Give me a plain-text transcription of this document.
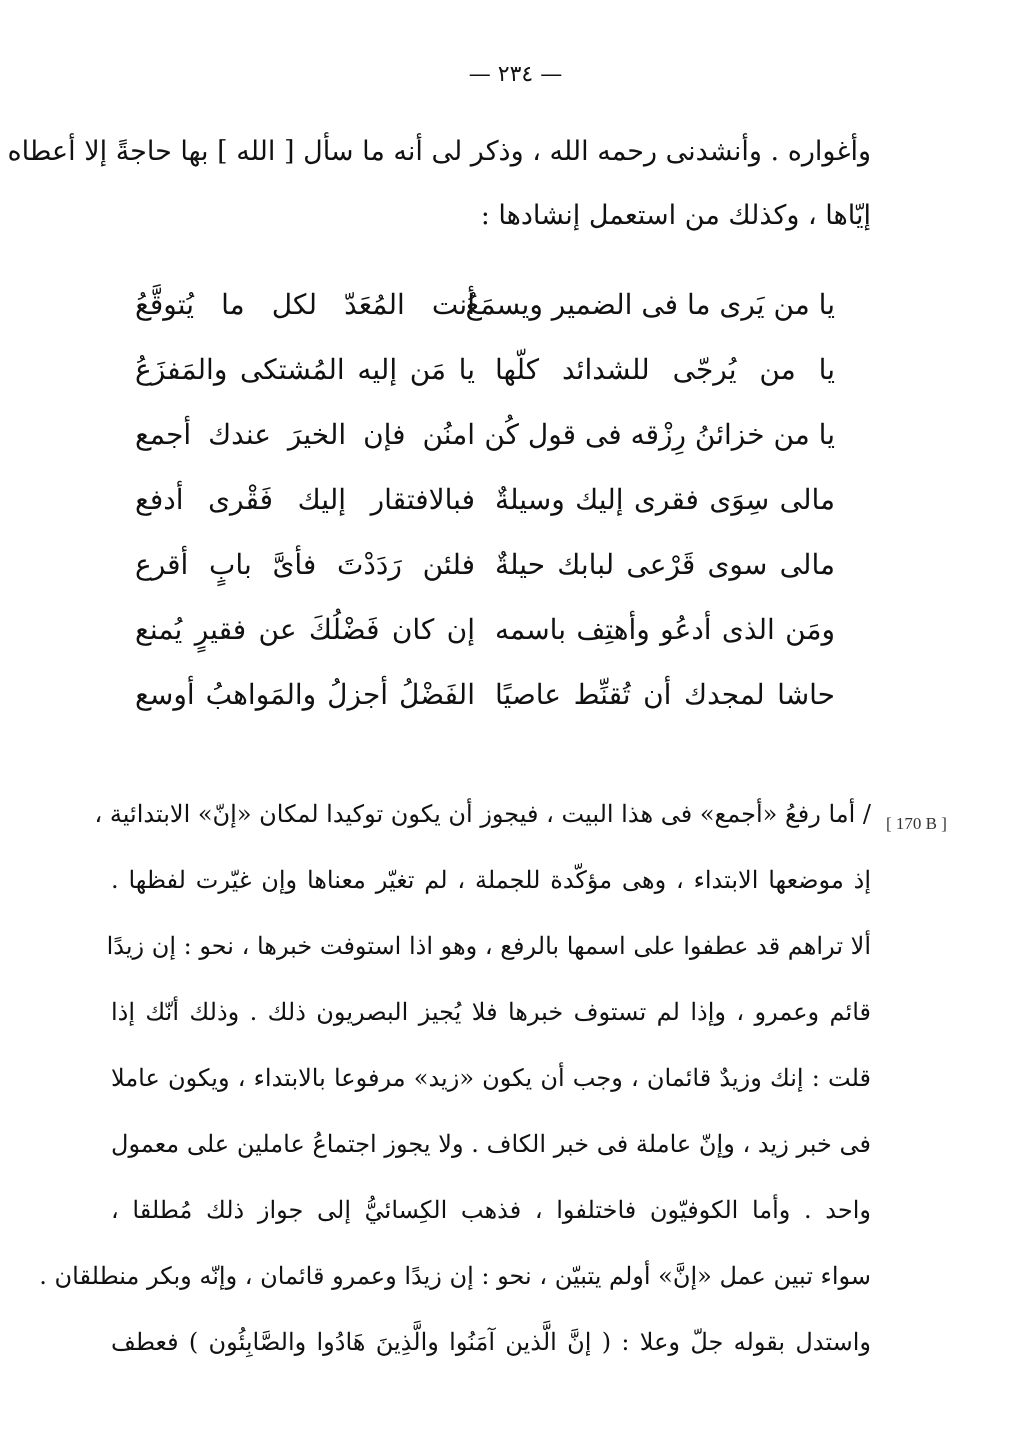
— ٢٣٤ —
وأغواره . وأنشدنى رحمه الله ، وذكر لى أنه ما سأل [ الله ] بها حاجةً إلا أعطاه
إيّاها ، وكذلك من استعمل إنشادها :
يا من يَرى ما فى الضمير ويسمَعُ
أنت المُعَدّ لكل ما يُتوقَّعُ
يا من يُرجّى للشدائد كلّها
يا مَن إليه المُشتكى والمَفزَعُ
يا من خزائنُ رِزْقه فى قول كُن
امنُن فإن الخيرَ عندك أجمع
مالى سِوَى فقرى إليك وسيلةٌ
فبالافتقار إليك فَقْرى أدفع
مالى سوى قَرْعى لبابك حيلةٌ
فلئن رَدَدْتَ فأىَّ بابٍ أقرع
ومَن الذى أدعُو وأهتِف باسمه
إن كان فَضْلُكَ عن فقيرٍ يُمنع
حاشا لمجدك أن تُقنِّط عاصيًا
الفَضْلُ أجزلُ والمَواهبُ أوسع
[ 170 B ]
/ أما رفعُ «أجمع» فى هذا البيت ، فيجوز أن يكون توكيدا لمكان «إنّ» الابتدائية ،
إذ موضعها الابتداء ، وهى مؤكّدة للجملة ، لم تغيّر معناها وإن غيّرت لفظها .
ألا تراهم قد عطفوا على اسمها بالرفع ، وهو اذا استوفت خبرها ، نحو : إن زيدًا
قائم وعمرو ، وإذا لم تستوف خبرها فلا يُجيز البصريون ذلك . وذلك أنّك إذا
قلت : إنك وزيدٌ قائمان ، وجب أن يكون «زيد» مرفوعا بالابتداء ، ويكون عاملا
فى خبر زيد ، وإنّ عاملة فى خبر الكاف . ولا يجوز اجتماعُ عاملين على معمول
واحد . وأما الكوفيّون فاختلفوا ، فذهب الكِسائيُّ إلى جواز ذلك مُطلقا ،
سواء تبين عمل «إنَّ» أولم يتبيّن ، نحو : إن زيدًا وعمرو قائمان ، وإنّه وبكر منطلقان .
واستدل بقوله جلّ وعلا : ( إنَّ الَّذين آمَنُوا والَّذِينَ هَادُوا والصَّابِئُون ) فعطف
